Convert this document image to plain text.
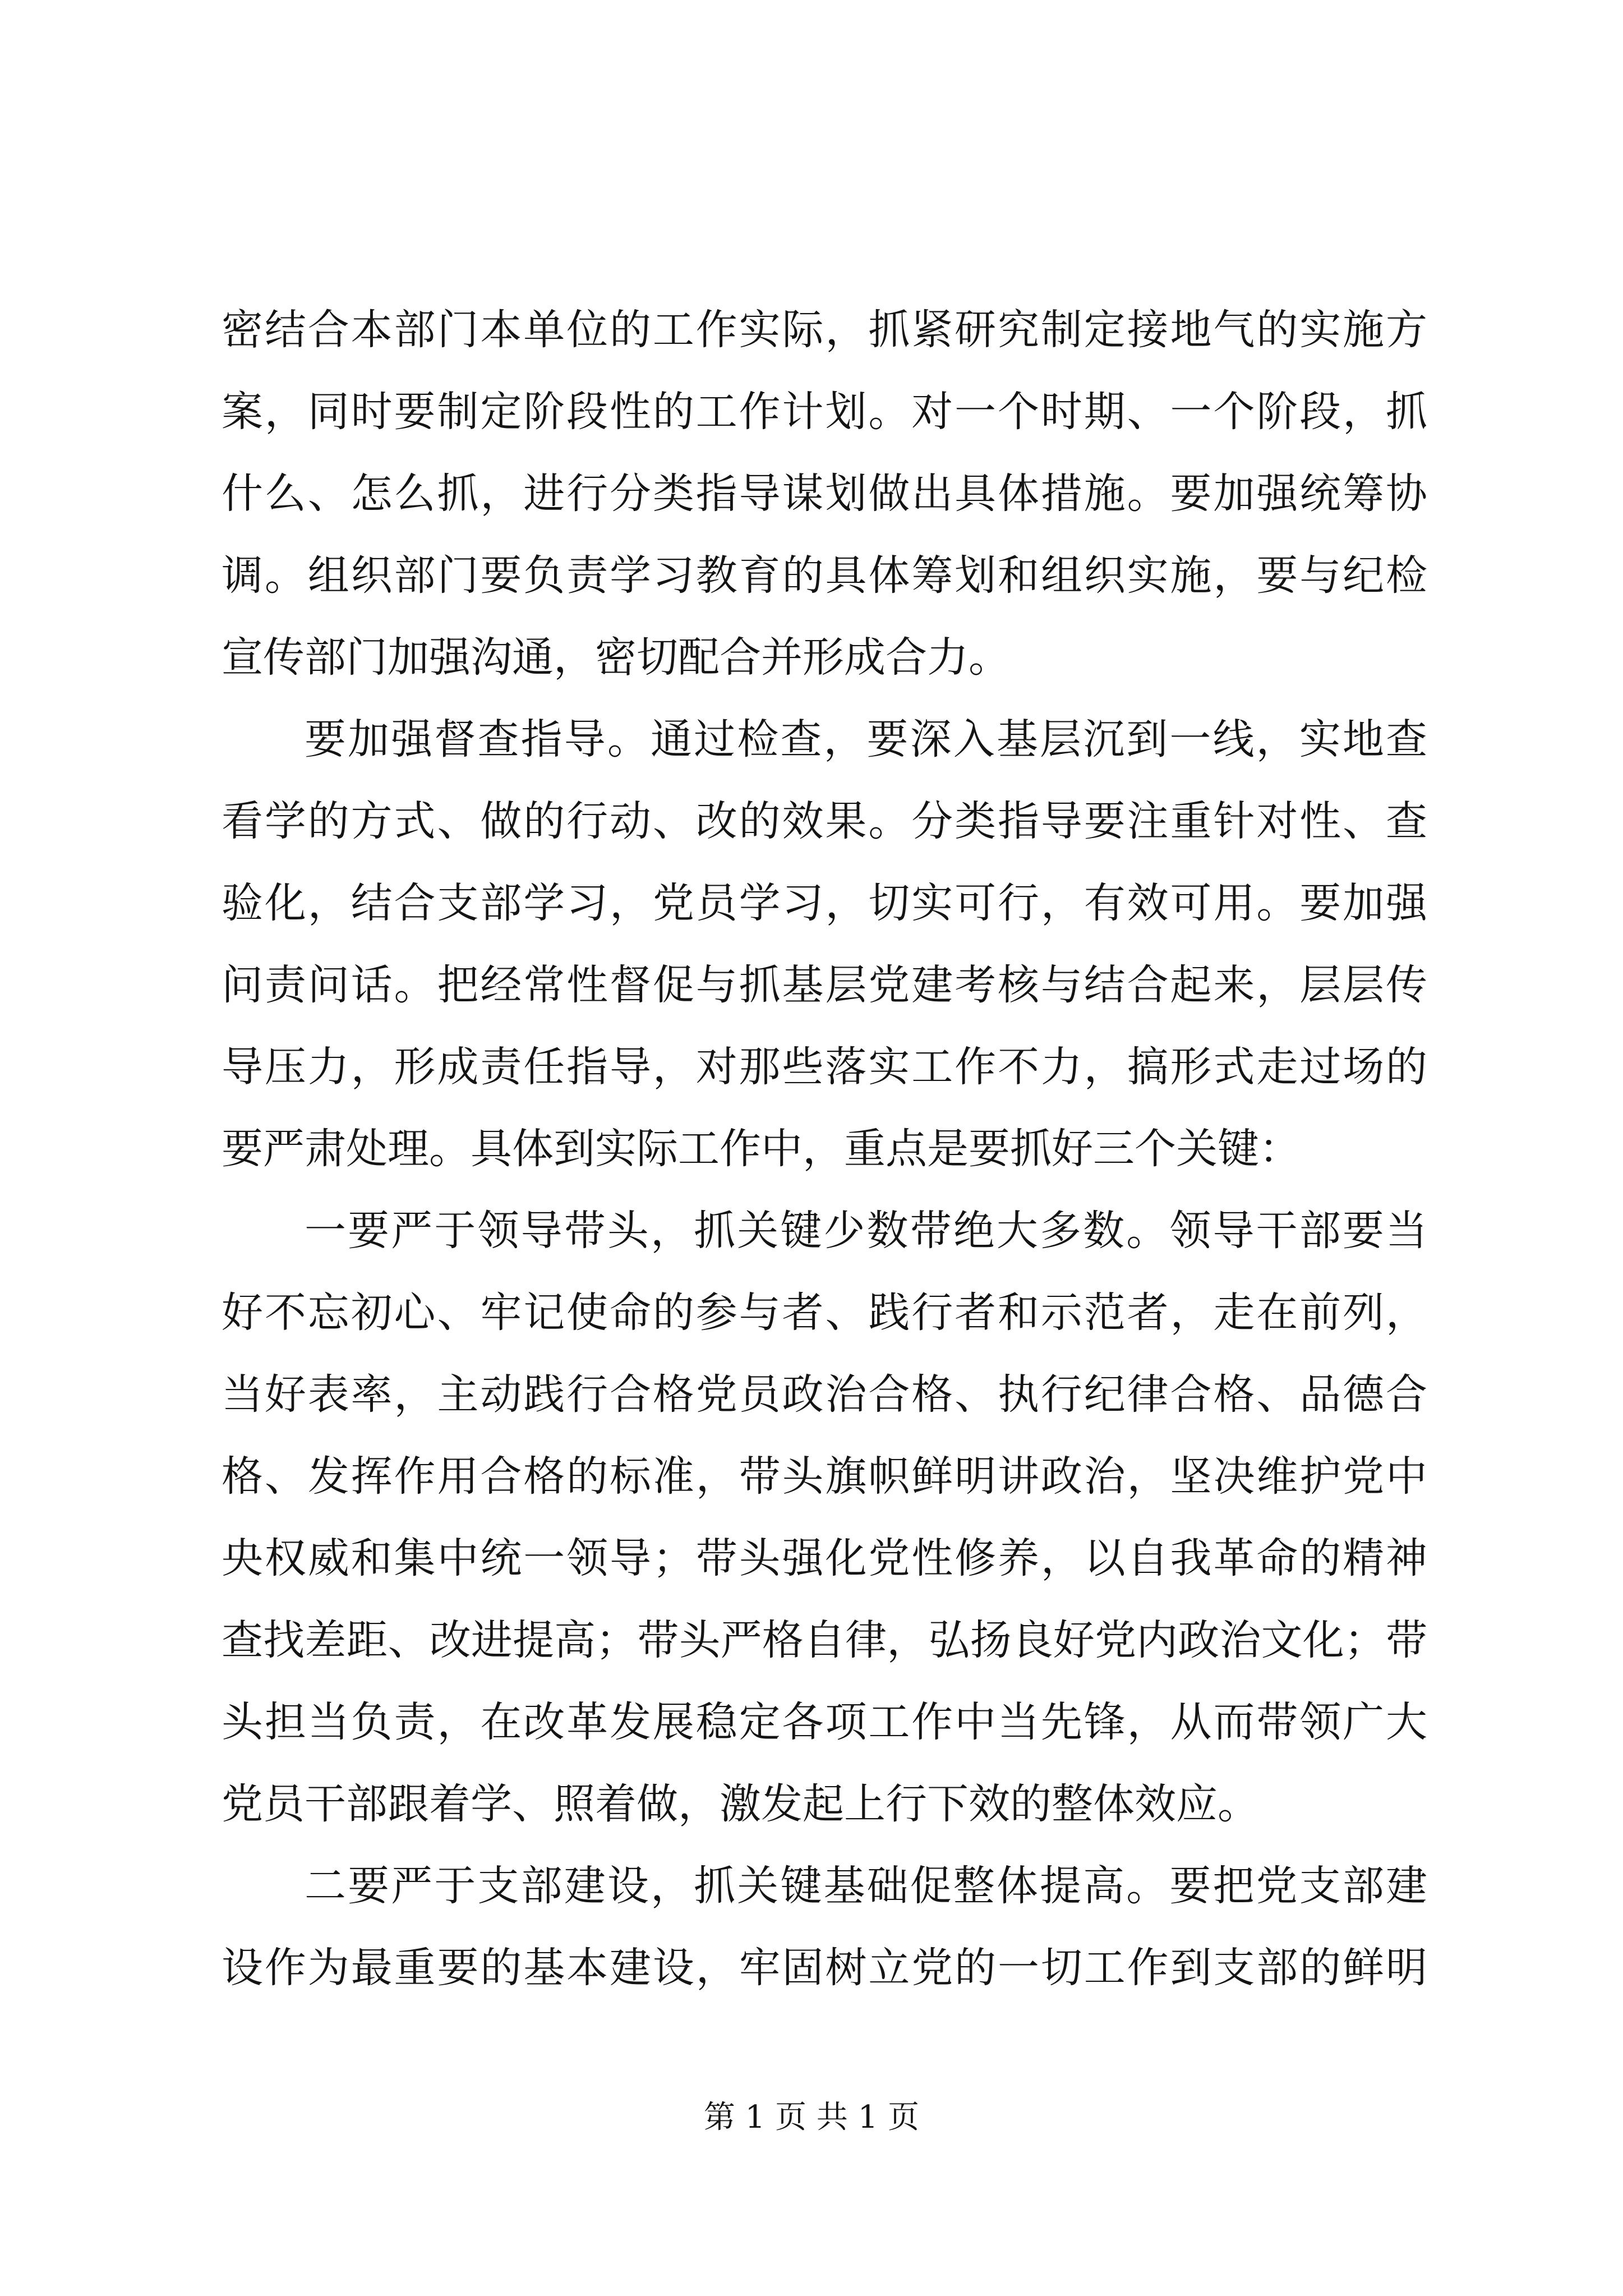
密结合本部门本单位的工作实际，抓紧研究制定接地气的实施方
案，同时要制定阶段性的工作计划。对一个时期、一个阶段，抓
什么、怎么抓，进行分类指导谋划做出具体措施。要加强统筹协
调。组织部门要负责学习教育的具体筹划和组织实施，要与纪检
宣传部门加强沟通，密切配合并形成合力。
要加强督查指导。通过检查，要深入基层沉到一线，实地查
看学的方式、做的行动、改的效果。分类指导要注重针对性、查
验化，结合支部学习，党员学习，切实可行，有效可用。要加强
问责问话。把经常性督促与抓基层党建考核与结合起来，层层传
导压力，形成责任指导，对那些落实工作不力，搞形式走过场的
要严肃处理。具体到实际工作中，重点是要抓好三个关键：
一要严于领导带头，抓关键少数带绝大多数。领导干部要当
好不忘初心、牢记使命的参与者、践行者和示范者，走在前列，
当好表率，主动践行合格党员政治合格、执行纪律合格、品德合
格、发挥作用合格的标准，带头旗帜鲜明讲政治，坚决维护党中
央权威和集中统一领导；带头强化党性修养，以自我革命的精神
查找差距、改进提高；带头严格自律，弘扬良好党内政治文化；带
头担当负责，在改革发展稳定各项工作中当先锋，从而带领广大
党员干部跟着学、照着做，激发起上行下效的整体效应。
二要严于支部建设，抓关键基础促整体提高。要把党支部建
设作为最重要的基本建设，牢固树立党的一切工作到支部的鲜明
第 1 页 共 1 页
